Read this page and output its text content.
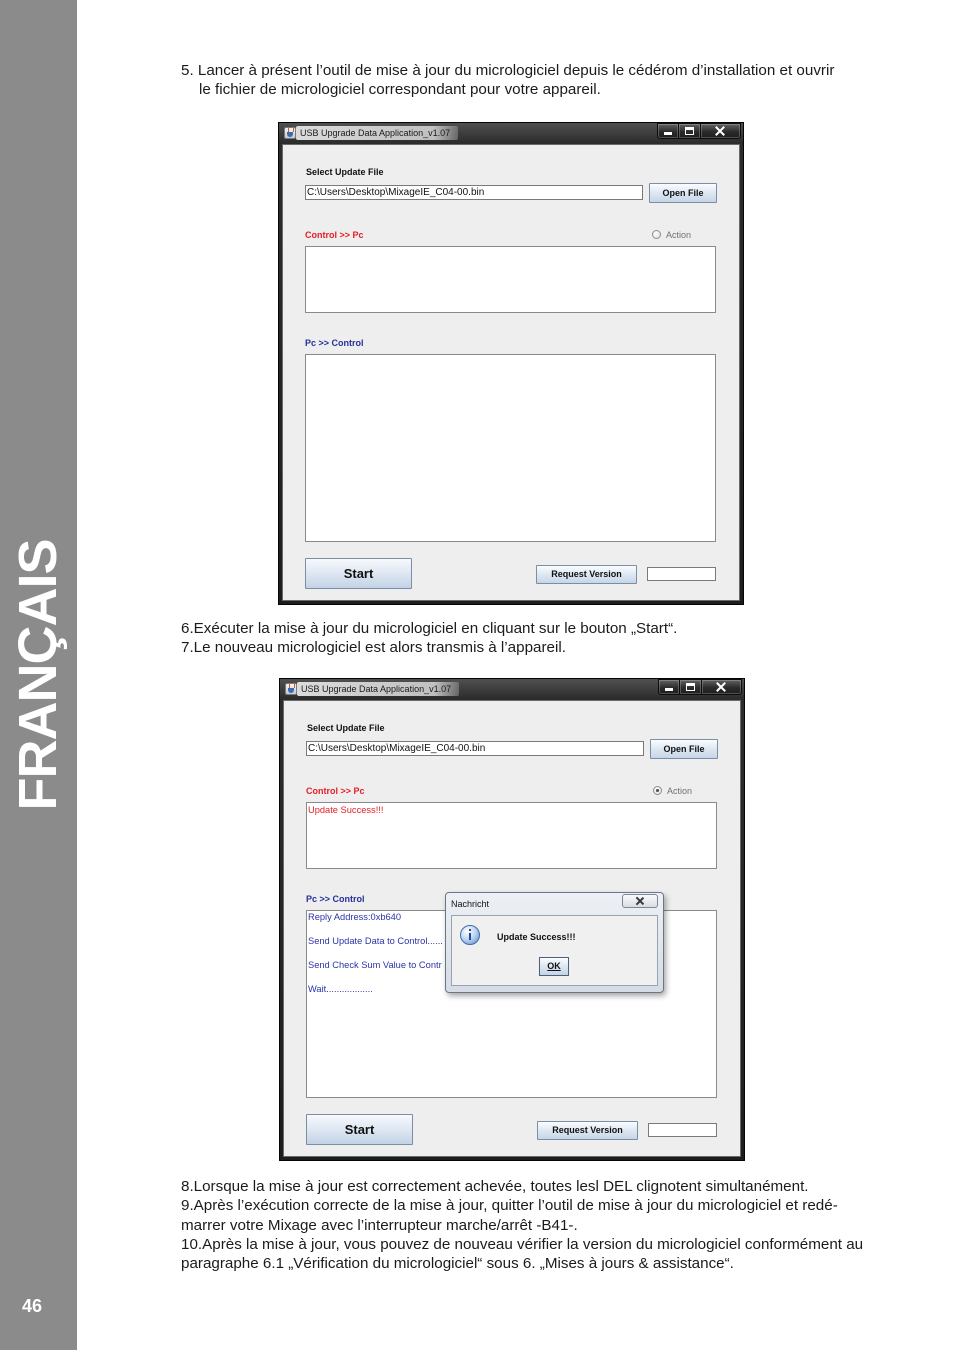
FRANÇAIS
46
5. Lancer à présent l’outil de mise à jour du micrologiciel depuis le cédérom d’installation et ouvrir
le fichier de micrologiciel correspondant pour votre appareil.
USB Upgrade Data Application_v1.07
Select Update File
C:\Users\Desktop\MixageIE_C04-00.bin	Open File
Control >> Pc	Action
Pc >> Control
Start	Request Version
6.Exécuter la mise à jour du micrologiciel en cliquant sur le bouton „Start“.
7.Le nouveau micrologiciel est alors transmis à l’appareil.
USB Upgrade Data Application_v1.07
Select Update File
C:\Users\Desktop\MixageIE_C04-00.bin	Open File
Control >> Pc	Action
Update Success!!!
Pc >> Control
Reply Address:0xb640
Send Update Data to Control......
Send Check Sum Value to Contr
Wait..................
Start	Request Version
Nachricht
Update Success!!!
OK
8.Lorsque la mise à jour est correctement achevée, toutes lesl DEL clignotent simultanément.
9.Après l’exécution correcte de la mise à jour, quitter l’outil de mise à jour du micrologiciel et redé-
marrer votre Mixage avec l’interrupteur marche/arrêt -B41-.
10.Après la mise à jour, vous pouvez de nouveau vérifier la version du micrologiciel conformément au
paragraphe 6.1 „Vérification du micrologiciel“ sous 6. „Mises à jours & assistance“.
